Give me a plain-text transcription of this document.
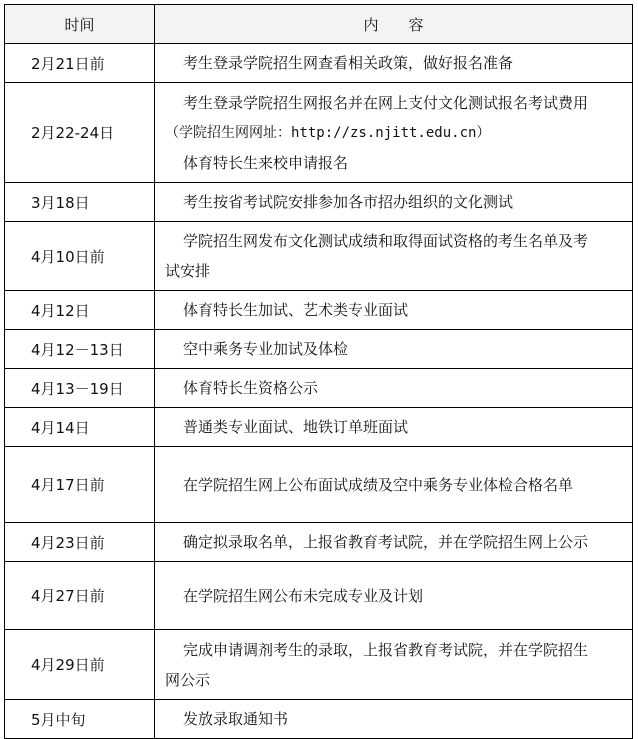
时间	内　　容
2月21日前	考生登录学院招生网查看相关政策，做好报名准备

2月22-24日	考生登录学院招生网报名并在网上支付文化测试报名考试费用
（学院招生网网址：http://zs.njitt.edu.cn）
体育特长生来校申请报名

3月18日	考生按省考试院安排参加各市招办组织的文化测试

4月10日前	学院招生网发布文化测试成绩和取得面试资格的考生名单及考
试安排

4月12日	体育特长生加试、艺术类专业面试

4月12－13日	空中乘务专业加试及体检

4月13－19日	体育特长生资格公示

4月14日	普通类专业面试、地铁订单班面试

4月17日前	在学院招生网上公布面试成绩及空中乘务专业体检合格名单

4月23日前	确定拟录取名单，上报省教育考试院，并在学院招生网上公示

4月27日前	在学院招生网公布未完成专业及计划

4月29日前	完成申请调剂考生的录取，上报省教育考试院，并在学院招生
网公示

5月中旬	发放录取通知书
